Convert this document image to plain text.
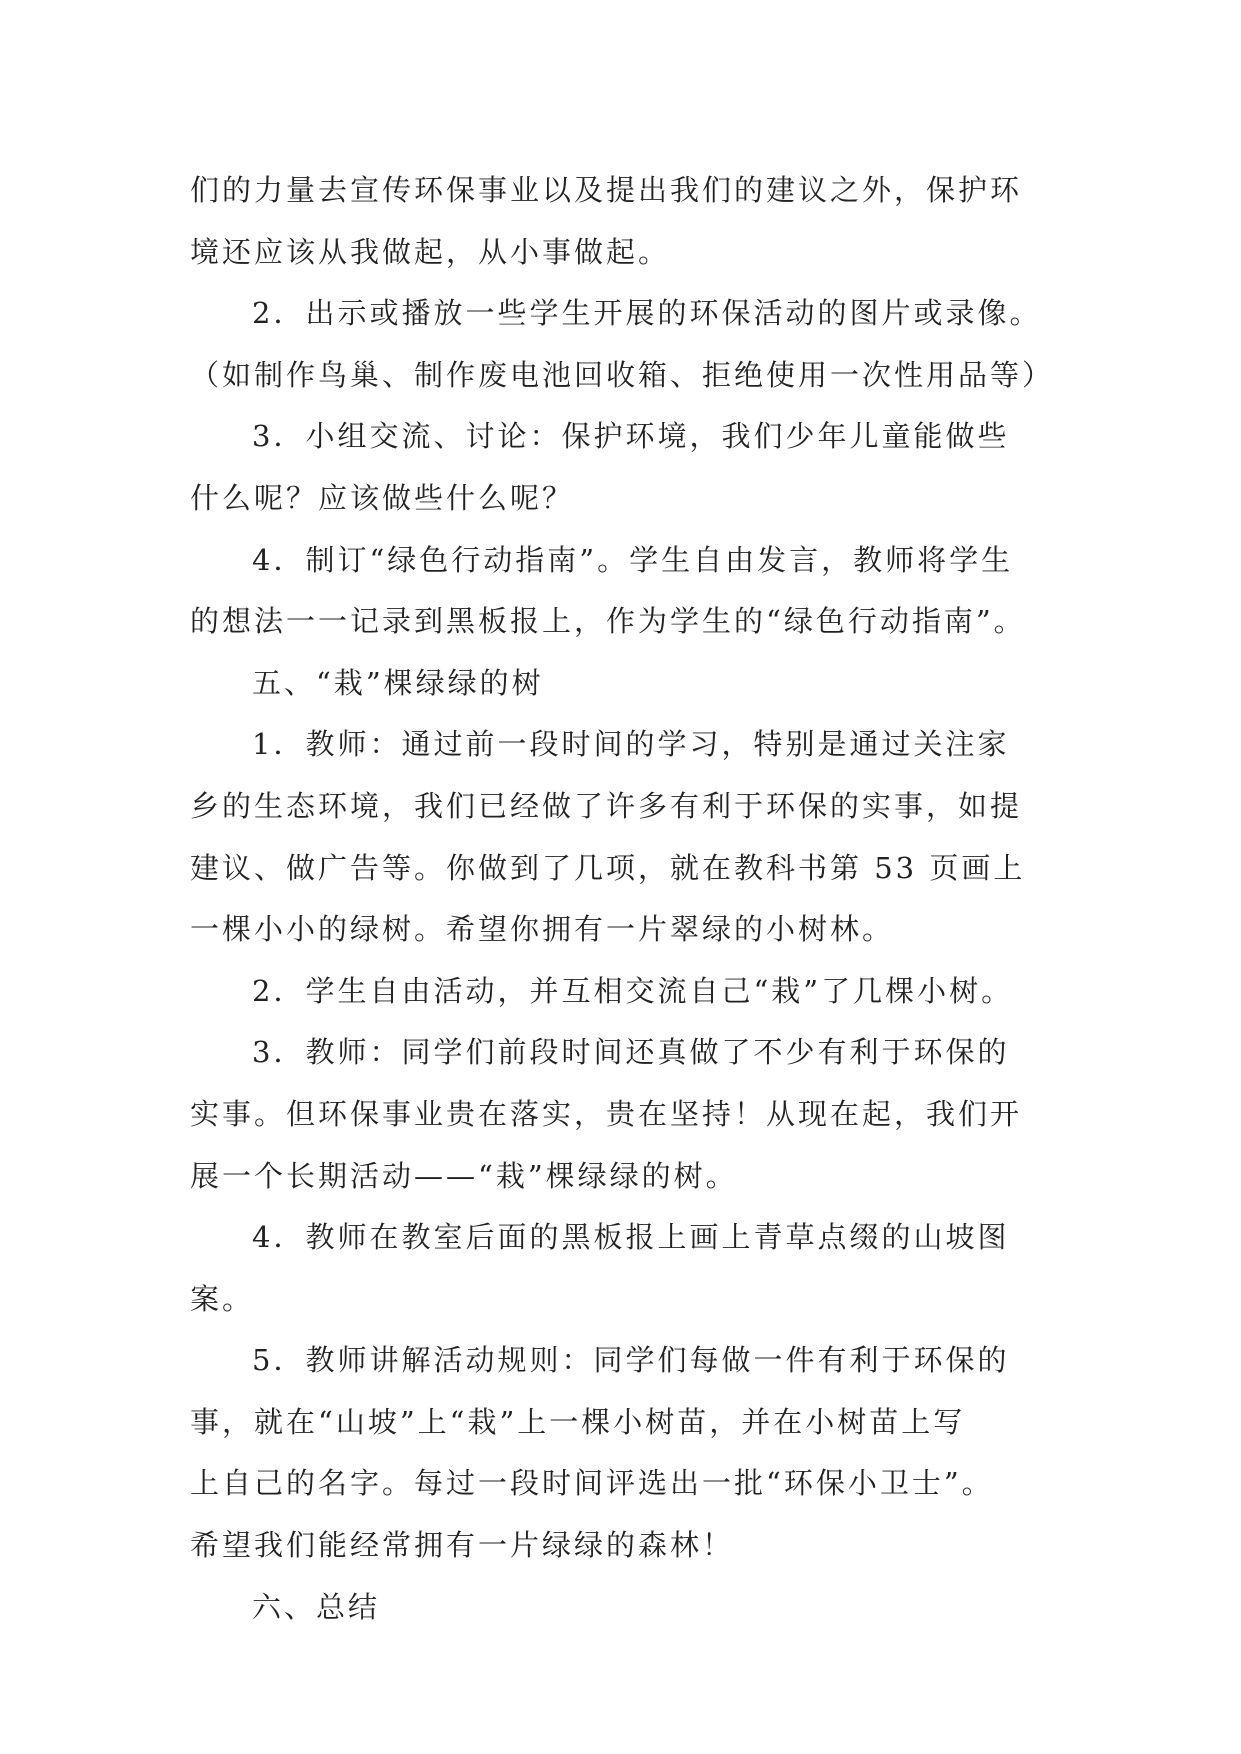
们的力量去宣传环保事业以及提出我们的建议之外，保护环
境还应该从我做起，从小事做起。
2．出示或播放一些学生开展的环保活动的图片或录像。
（如制作鸟巢、制作废电池回收箱、拒绝使用一次性用品等）
3．小组交流、讨论：保护环境，我们少年儿童能做些
什么呢？应该做些什么呢？
4．制订“绿色行动指南”。学生自由发言，教师将学生
的想法一一记录到黑板报上，作为学生的“绿色行动指南”。
五、“栽”棵绿绿的树
1．教师：通过前一段时间的学习，特别是通过关注家
乡的生态环境，我们已经做了许多有利于环保的实事，如提
建议、做广告等。你做到了几项，就在教科书第 53 页画上
一棵小小的绿树。希望你拥有一片翠绿的小树林。
2．学生自由活动，并互相交流自己“栽”了几棵小树。
3．教师：同学们前段时间还真做了不少有利于环保的
实事。但环保事业贵在落实，贵在坚持！从现在起，我们开
展一个长期活动——“栽”棵绿绿的树。
4．教师在教室后面的黑板报上画上青草点缀的山坡图
案。
5．教师讲解活动规则：同学们每做一件有利于环保的
事，就在“山坡”上“栽”上一棵小树苗，并在小树苗上写
上自己的名字。每过一段时间评选出一批“环保小卫士”。
希望我们能经常拥有一片绿绿的森林！
六、总结
